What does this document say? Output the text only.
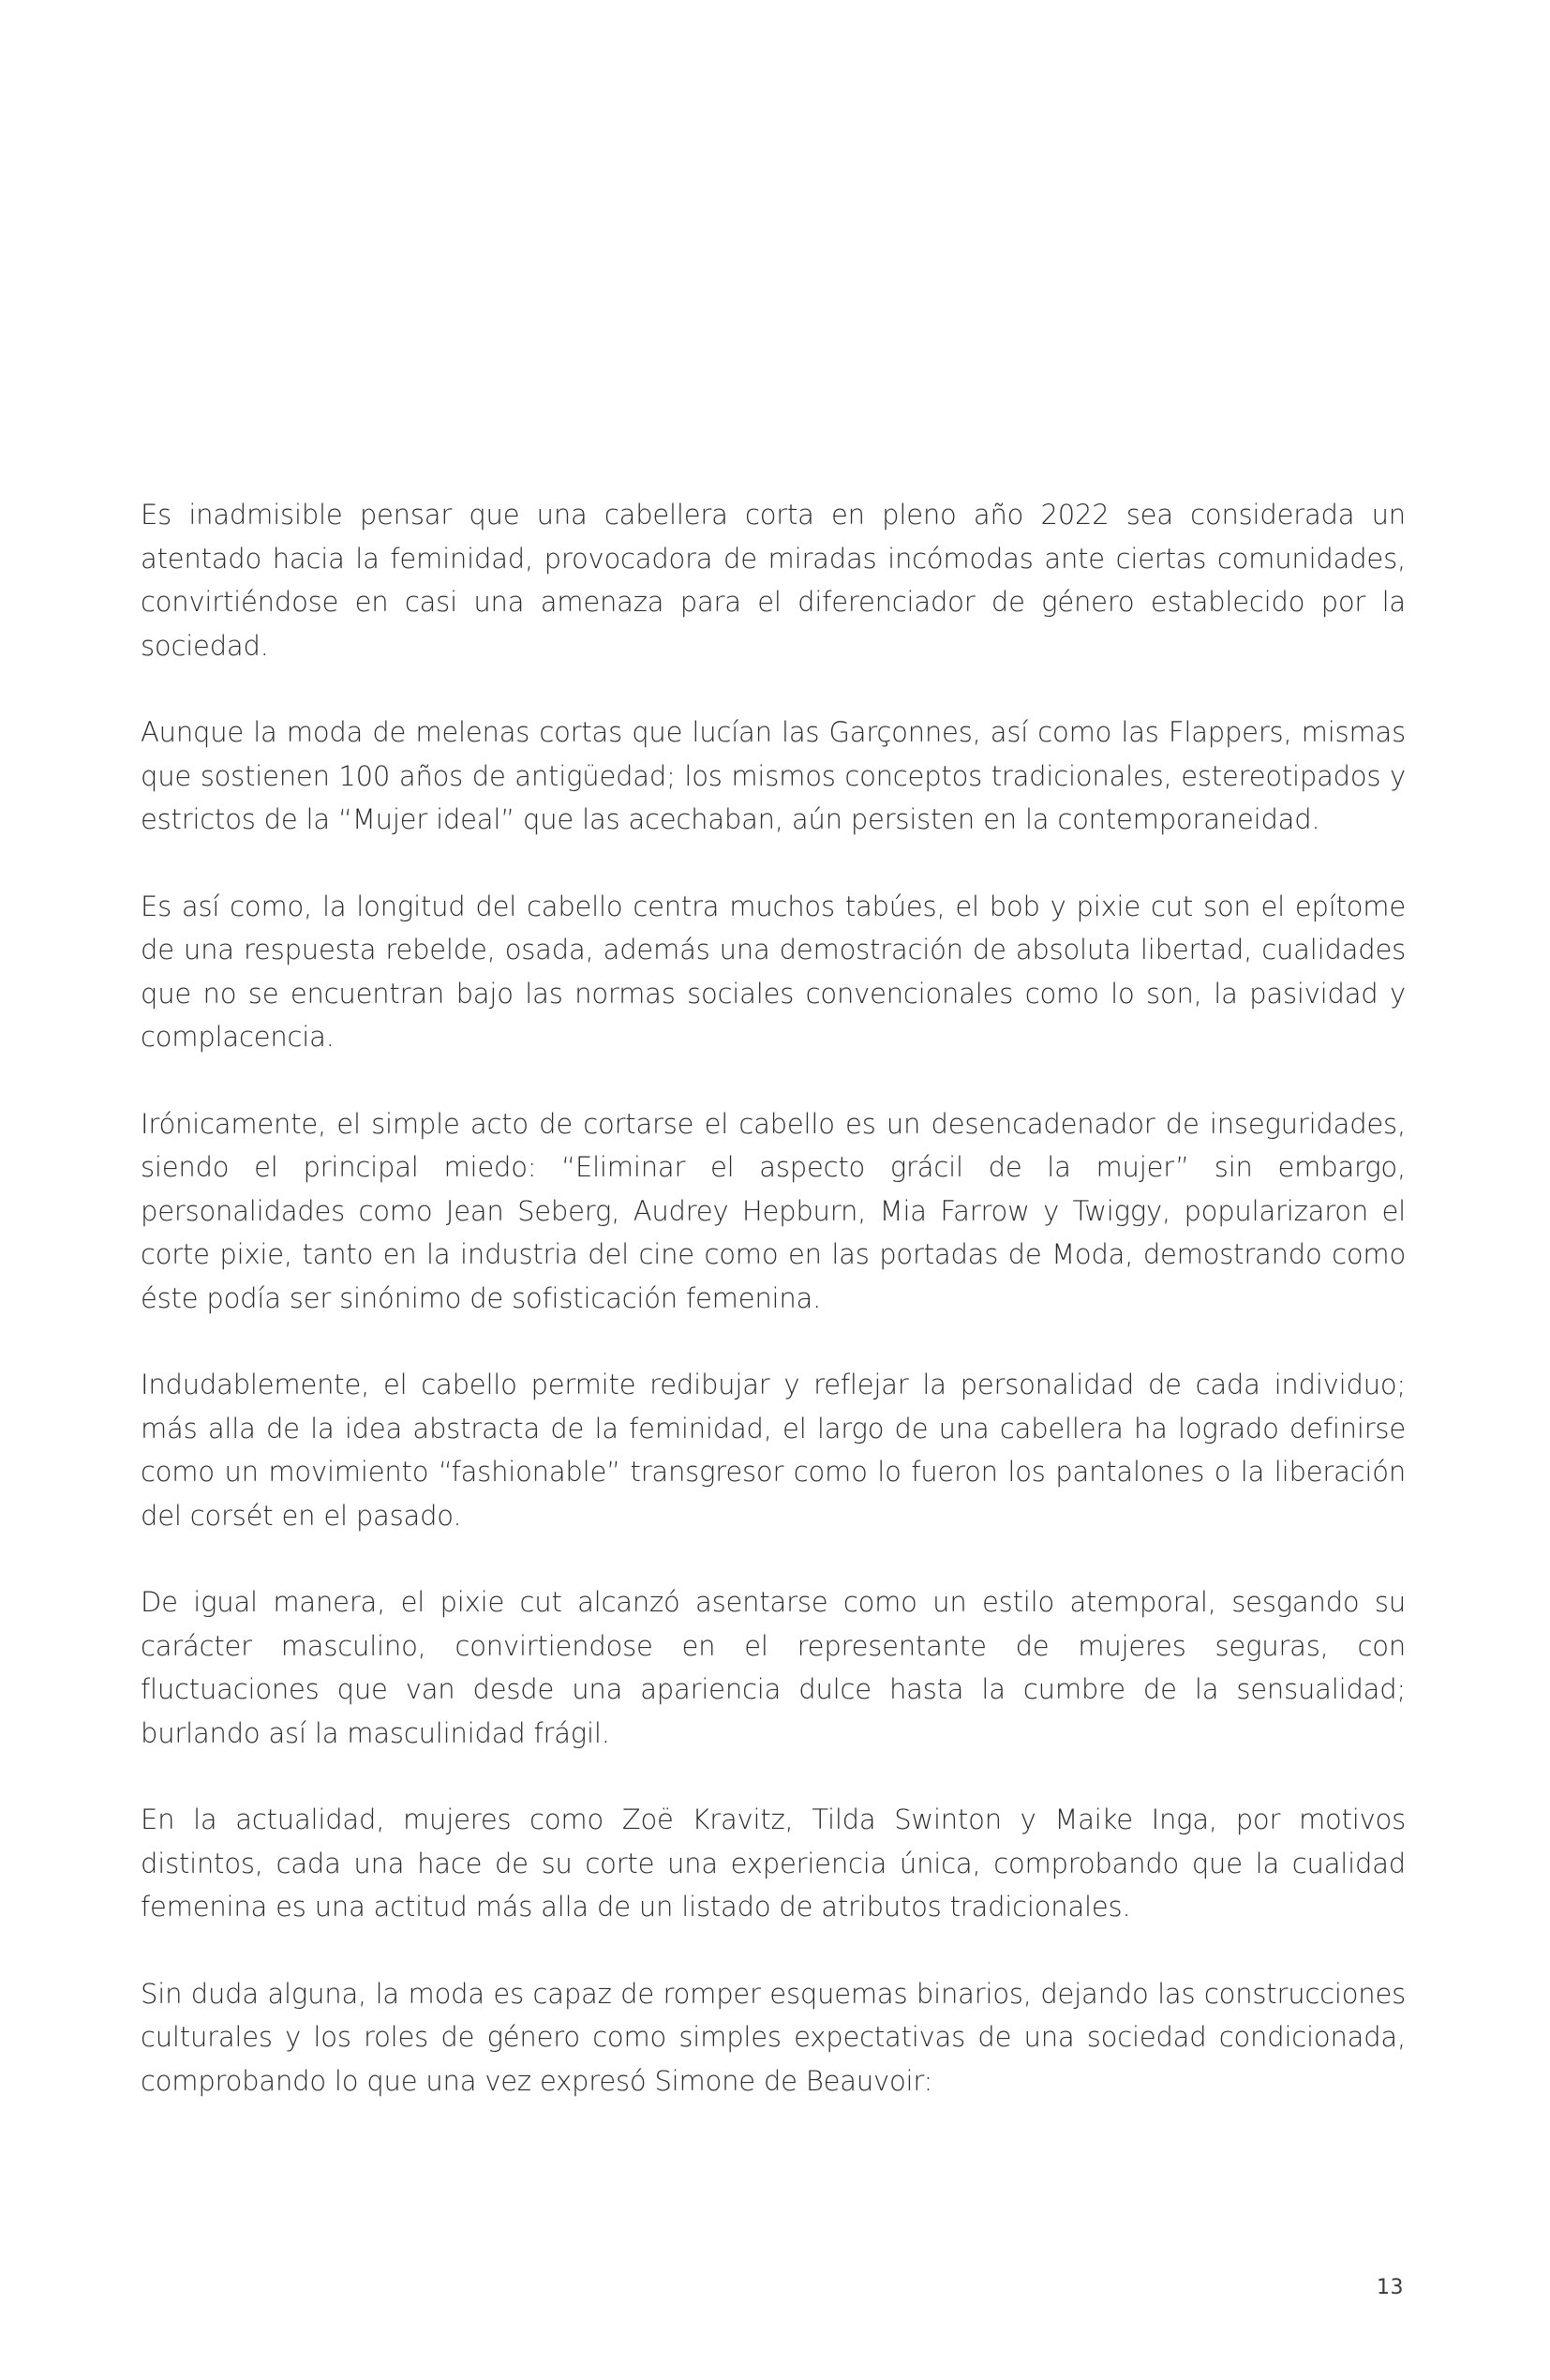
Es inadmisible pensar que una cabellera corta en pleno año 2022 sea considerada un atentado hacia la feminidad, provocadora de miradas incómodas ante ciertas comunidades, convirtiéndose en casi una amenaza para el diferenciador de género establecido por la sociedad.

Aunque la moda de melenas cortas que lucían las Garçonnes, así como las Flappers, mismas que sostienen 100 años de antigüedad; los mismos conceptos tradicionales, estereotipados y estrictos de la “Mujer ideal” que las acechaban, aún persisten en la contemporaneidad.

Es así como, la longitud del cabello centra muchos tabúes, el bob y pixie cut son el epítome de una respuesta rebelde, osada, además una demostración de absoluta libertad, cualidades que no se encuentran bajo las normas sociales convencionales como lo son, la pasividad y complacencia.

Irónicamente, el simple acto de cortarse el cabello es un desencadenador de inseguridades, siendo el principal miedo: “Eliminar el aspecto grácil de la mujer” sin embargo, personalidades como Jean Seberg, Audrey Hepburn, Mia Farrow y Twiggy, popularizaron el corte pixie, tanto en la industria del cine como en las portadas de Moda, demostrando como éste podía ser sinónimo de sofisticación femenina.

Indudablemente, el cabello permite redibujar y reflejar la personalidad de cada individuo; más alla de la idea abstracta de la feminidad, el largo de una cabellera ha logrado definirse como un movimiento “fashionable” transgresor como lo fueron los pantalones o la liberación del corsét en el pasado.

De igual manera, el pixie cut alcanzó asentarse como un estilo atemporal, sesgando su carácter masculino, convirtiendose en el representante de mujeres seguras, con fluctuaciones que van desde una apariencia dulce hasta la cumbre de la sensualidad; burlando así la masculinidad frágil.

En la actualidad, mujeres como Zoë Kravitz, Tilda Swinton y Maike Inga, por motivos distintos, cada una hace de su corte una experiencia única, comprobando que la cualidad femenina es una actitud más alla de un listado de atributos tradicionales.

Sin duda alguna, la moda es capaz de romper esquemas binarios, dejando las construcciones culturales y los roles de género como simples expectativas de una sociedad condicionada, comprobando lo que una vez expresó Simone de Beauvoir:

13
